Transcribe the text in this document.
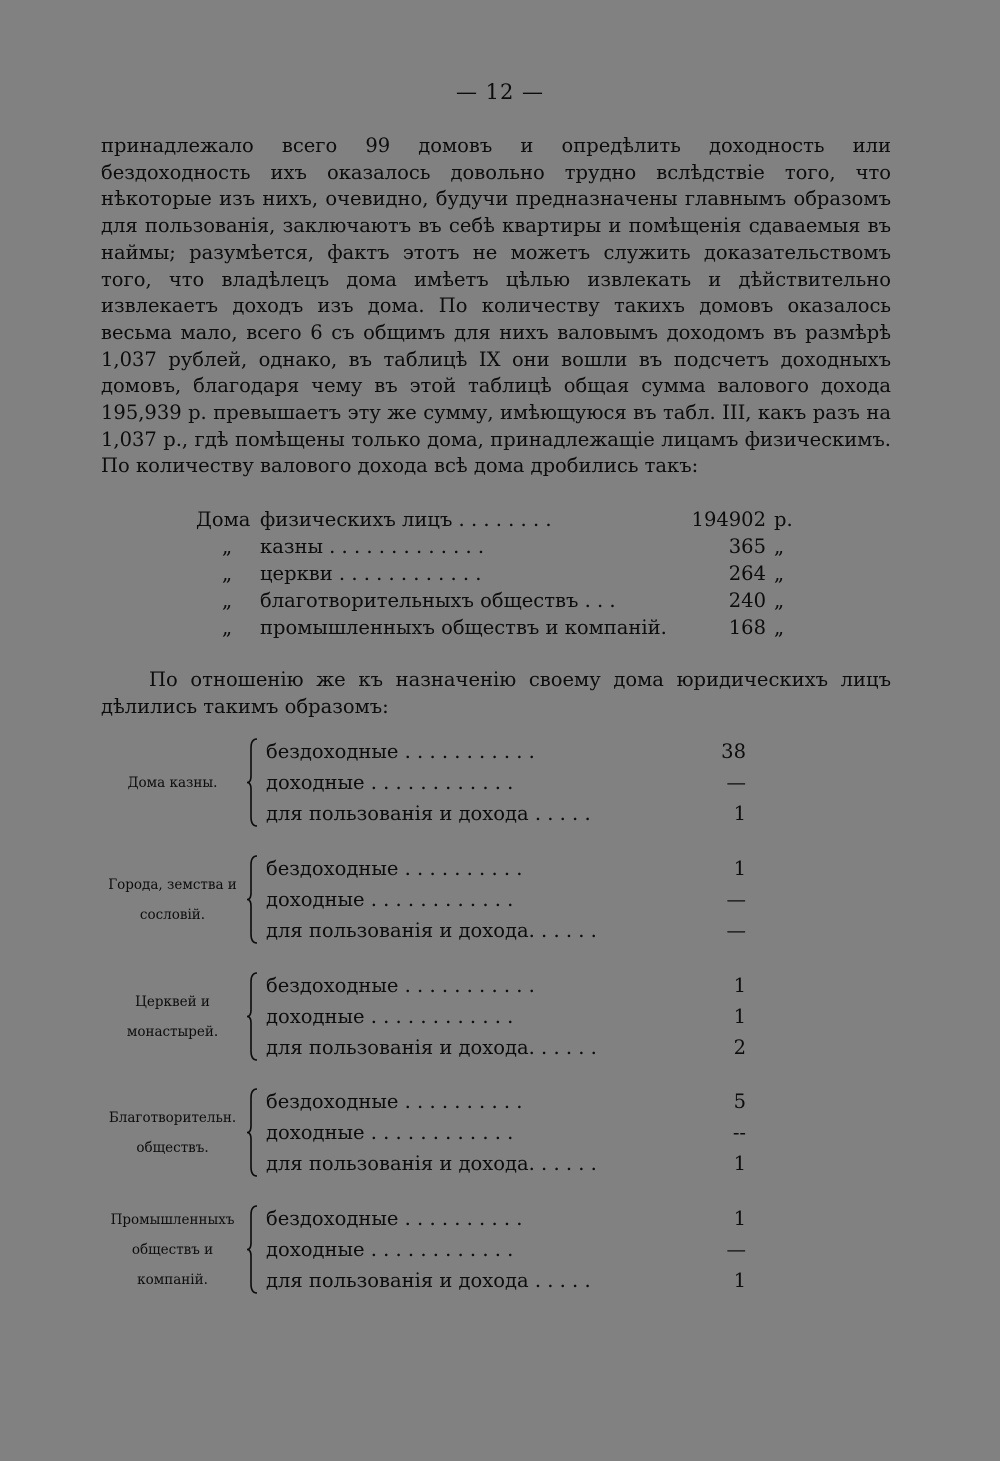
— 12 —
принадлежало всего 99 домовъ и опредѣлить доходность или бездоходность ихъ оказалось довольно трудно вслѣдствіе того, что нѣкоторые изъ нихъ, очевидно, будучи предназначены главнымъ образомъ для пользованія, заключаютъ въ себѣ квартиры и помѣщенія сдаваемыя въ наймы; разумѣется, фактъ этотъ не можетъ служить доказательствомъ того, что владѣлецъ дома имѣетъ цѣлью извлекать и дѣйствительно извлекаетъ доходъ изъ дома. По количеству такихъ домовъ оказалось весьма мало, всего 6 съ общимъ для нихъ валовымъ доходомъ въ размѣрѣ 1,037 рублей, однако, въ таблицѣ IX они вошли въ подсчетъ доходныхъ домовъ, благодаря чему въ этой таблицѣ общая сумма валового дохода 195,939 р. превышаетъ эту же сумму, имѣющуюся въ табл. III, какъ разъ на 1,037 р., гдѣ помѣщены только дома, принадлежащіе лицамъ физическимъ. По количеству валового дохода всѣ дома дробились такъ:
Дома физическихъ лицъ . . . . . . . .	194902 р.
„ казны . . . . . . . . . . . . .	365 „
„ церкви . . . . . . . . . . . .	264 „
„ благотворительныхъ обществъ . . .	240 „
„ промышленныхъ обществъ и компаній.	168 „
По отношенію же къ назначенію своему дома юридическихъ лицъ дѣлились такимъ образомъ:
Дома казны.
бездоходные . . . . . . . . . . .	38
доходные . . . . . . . . . . . .	—
для пользованія и дохода . . . . .	1
Города, земства и сословій.
бездоходные . . . . . . . . . .	1
доходные . . . . . . . . . . . .	—
для пользованія и дохода. . . . . .	—
Церквей и монастырей.
бездоходные . . . . . . . . . . .	1
доходные . . . . . . . . . . . .	1
для пользованія и дохода. . . . . .	2
Благотворительн. обществъ.
бездоходные . . . . . . . . . .	5
доходные . . . . . . . . . . . .	--
для пользованія и дохода. . . . . .	1
Промышленныхъ обществъ и компаній.
бездоходные . . . . . . . . . .	1
доходные . . . . . . . . . . . .	—
для пользованія и дохода . . . . .	1
